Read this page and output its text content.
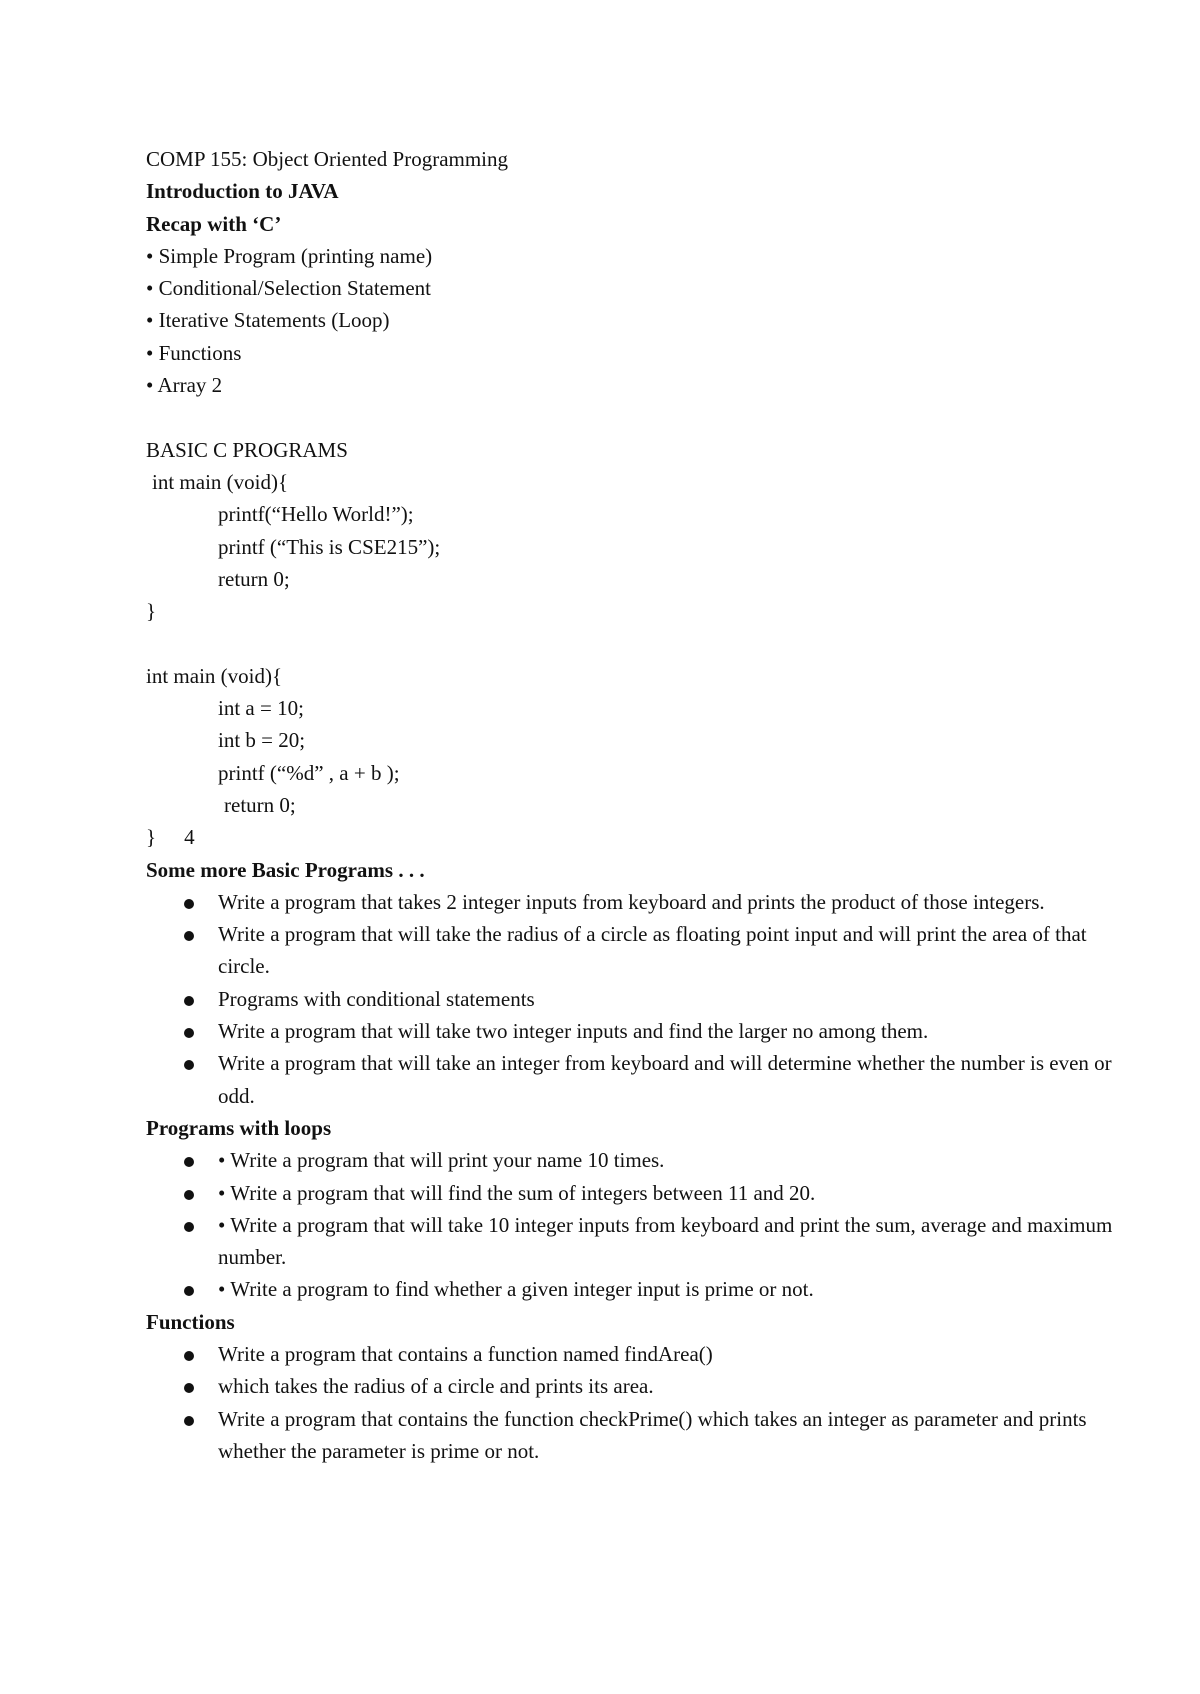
COMP 155: Object Oriented Programming

Introduction to JAVA

Recap with ‘C’

• Simple Program (printing name)

• Conditional/Selection Statement

• Iterative Statements (Loop)

• Functions

• Array 2

BASIC C PROGRAMS

int main (void){

printf(“Hello World!”);

printf (“This is CSE215”);

return 0;

}

int main (void){

int a = 10;

int b = 20;

printf (“%d” , a + b );

return 0;

} 4

Some more Basic Programs . . .

Write a program that takes 2 integer inputs from keyboard and prints the product of those integers.
Write a program that will take the radius of a circle as floating point input and will print the area of that circle.
Programs with conditional statements
Write a program that will take two integer inputs and find the larger no among them.
Write a program that will take an integer from keyboard and will determine whether the number is even or odd.

Programs with loops

• Write a program that will print your name 10 times.
• Write a program that will find the sum of integers between 11 and 20.
• Write a program that will take 10 integer inputs from keyboard and print the sum, average and maximum number.
• Write a program to find whether a given integer input is prime or not.

Functions

Write a program that contains a function named findArea()
which takes the radius of a circle and prints its area.
Write a program that contains the function checkPrime() which takes an integer as parameter and prints whether the parameter is prime or not.
